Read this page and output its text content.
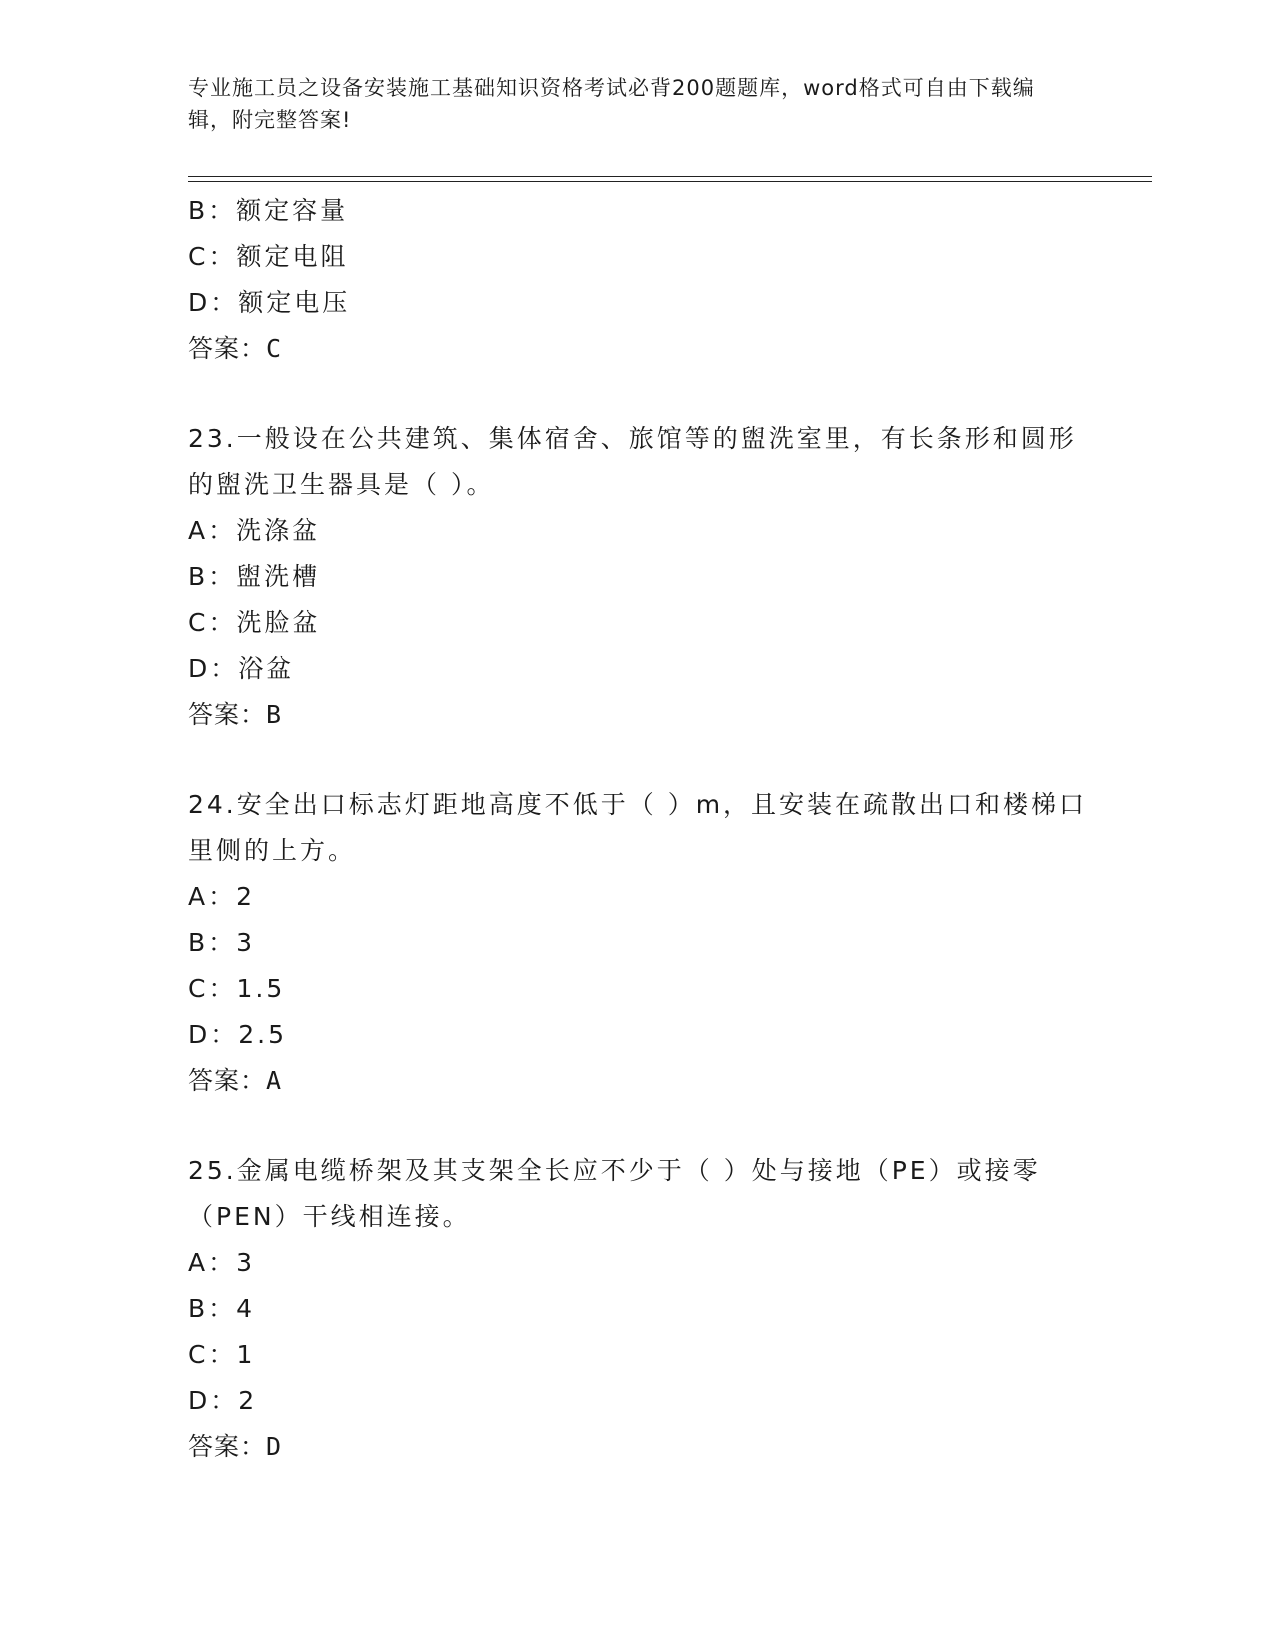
专业施工员之设备安装施工基础知识资格考试必背200题题库，word格式可自由下载编辑，附完整答案!
B：额定容量
C：额定电阻
D：额定电压
答案：C
23.一般设在公共建筑、集体宿舍、旅馆等的盥洗室里，有长条形和圆形的盥洗卫生器具是（ ）。
A：洗涤盆
B：盥洗槽
C：洗脸盆
D：浴盆
答案：B
24.安全出口标志灯距地高度不低于（ ）m，且安装在疏散出口和楼梯口里侧的上方。
A：2
B：3
C：1.5
D：2.5
答案：A
25.金属电缆桥架及其支架全长应不少于（ ）处与接地（PE）或接零（PEN）干线相连接。
A：3
B：4
C：1
D：2
答案：D
